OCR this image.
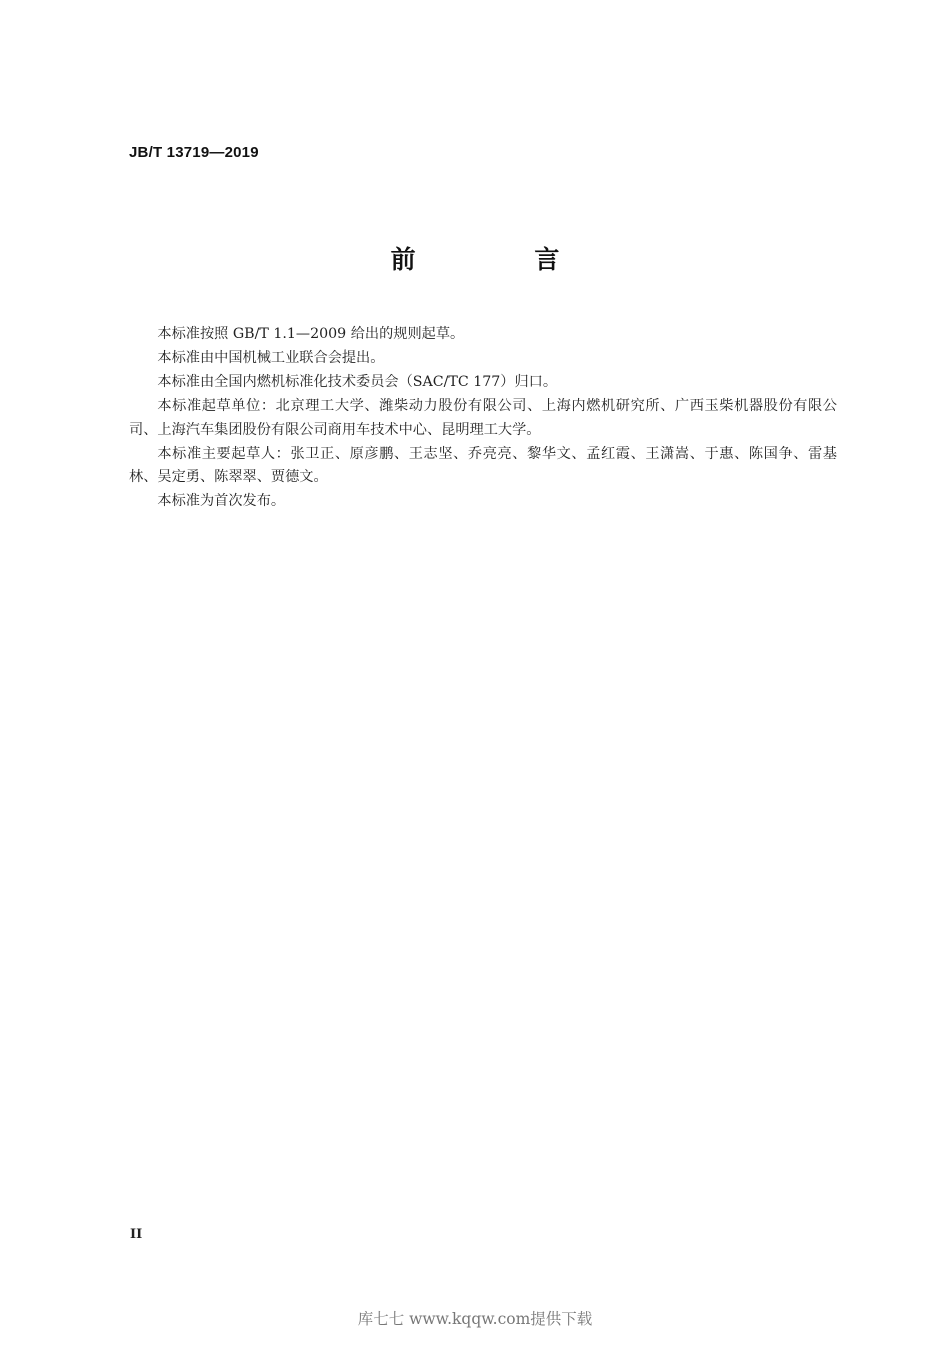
JB/T 13719—2019
前 言

本标准按照 GB/T 1.1—2009 给出的规则起草。

本标准由中国机械工业联合会提出。

本标准由全国内燃机标准化技术委员会（SAC/TC 177）归口。

本标准起草单位：北京理工大学、潍柴动力股份有限公司、上海内燃机研究所、广西玉柴机器股份有限公司、上海汽车集团股份有限公司商用车技术中心、昆明理工大学。

本标准主要起草人：张卫正、原彦鹏、王志坚、乔亮亮、黎华文、孟红霞、王潇嵩、于惠、陈国争、雷基林、吴定勇、陈翠翠、贾德文。

本标准为首次发布。

II
库七七 www.kqqw.com提供下载
